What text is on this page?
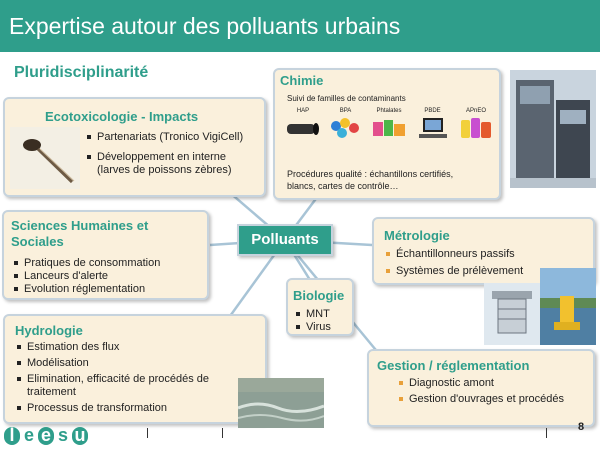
Expertise autour des polluants urbains
Pluridisciplinarité
Ecotoxicologie - Impacts
Partenariats (Tronico VigiCell)
Développement en interne (larves de poissons zèbres)
Chimie
Suivi de familles de contaminants
HAP	BPA	Phtalates	PBDE	APnEO
Procédures qualité : échantillons certifiés, blancs, cartes de contrôle…
Sciences Humaines et Sociales
Pratiques de consommation
Lanceurs d'alerte
Evolution réglementation
Polluants	Métrologie
Échantillonneurs passifs
Systèmes de prélèvement
Biologie
MNT
Virus
Hydrologie
Estimation des flux
Modélisation
Elimination, efficacité de procédés de traitement
Processus de transformation
Gestion / réglementation
Diagnostic amont
Gestion d'ouvrages et procédés
l e e s u	8
